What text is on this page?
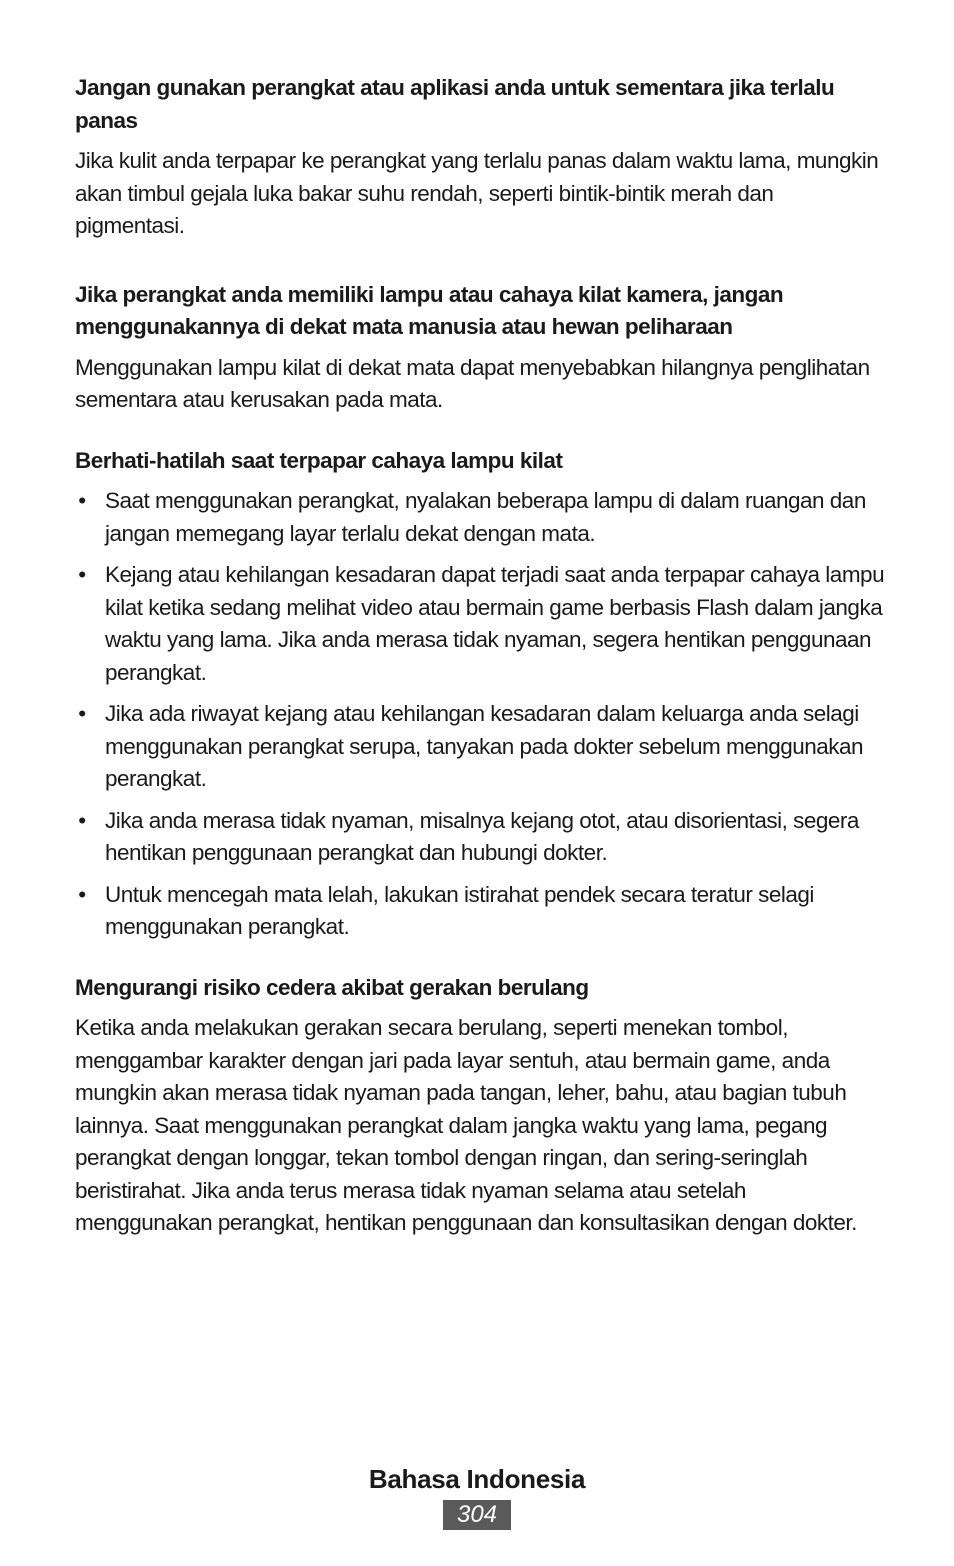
Jangan gunakan perangkat atau aplikasi anda untuk sementara jika terlalu panas

Jika kulit anda terpapar ke perangkat yang terlalu panas dalam waktu lama, mungkin akan timbul gejala luka bakar suhu rendah, seperti bintik-bintik merah dan pigmentasi.

Jika perangkat anda memiliki lampu atau cahaya kilat kamera, jangan menggunakannya di dekat mata manusia atau hewan peliharaan

Menggunakan lampu kilat di dekat mata dapat menyebabkan hilangnya penglihatan sementara atau kerusakan pada mata.

Berhati-hatilah saat terpapar cahaya lampu kilat

• Saat menggunakan perangkat, nyalakan beberapa lampu di dalam ruangan dan jangan memegang layar terlalu dekat dengan mata.
• Kejang atau kehilangan kesadaran dapat terjadi saat anda terpapar cahaya lampu kilat ketika sedang melihat video atau bermain game berbasis Flash dalam jangka waktu yang lama. Jika anda merasa tidak nyaman, segera hentikan penggunaan perangkat.
• Jika ada riwayat kejang atau kehilangan kesadaran dalam keluarga anda selagi menggunakan perangkat serupa, tanyakan pada dokter sebelum menggunakan perangkat.
• Jika anda merasa tidak nyaman, misalnya kejang otot, atau disorientasi, segera hentikan penggunaan perangkat dan hubungi dokter.
• Untuk mencegah mata lelah, lakukan istirahat pendek secara teratur selagi menggunakan perangkat.

Mengurangi risiko cedera akibat gerakan berulang

Ketika anda melakukan gerakan secara berulang, seperti menekan tombol, menggambar karakter dengan jari pada layar sentuh, atau bermain game, anda mungkin akan merasa tidak nyaman pada tangan, leher, bahu, atau bagian tubuh lainnya. Saat menggunakan perangkat dalam jangka waktu yang lama, pegang perangkat dengan longgar, tekan tombol dengan ringan, dan sering-seringlah beristirahat. Jika anda terus merasa tidak nyaman selama atau setelah menggunakan perangkat, hentikan penggunaan dan konsultasikan dengan dokter.

Bahasa Indonesia
304
